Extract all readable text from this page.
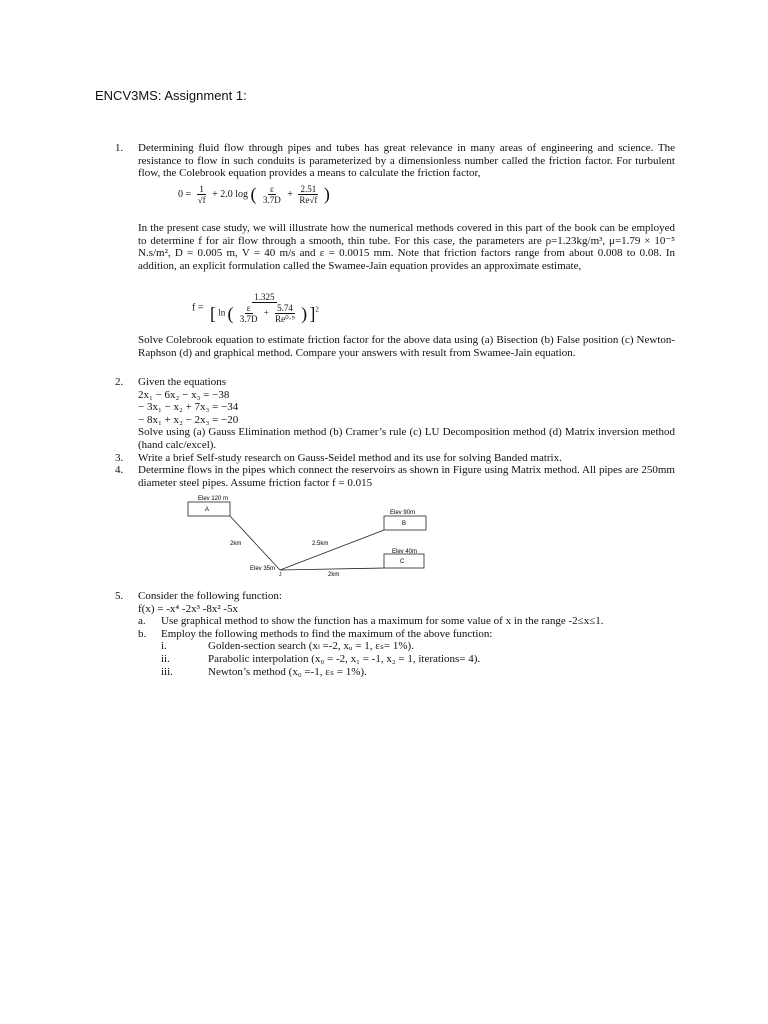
ENCV3MS: Assignment 1:
1. Determining fluid flow through pipes and tubes has great relevance in many areas of engineering and science. The resistance to flow in such conduits is parameterized by a dimensionless number called the friction factor. For turbulent flow, the Colebrook equation provides a means to calculate the friction factor,

$0 = \frac{1}{√f} + 2.0$ log ( $\frac{\varepsilon}{3.7D} + \frac{2.51}{Re√f}$ )

In the present case study, we will illustrate how the numerical methods covered in this part of the book can be employed to determine f for air flow through a smooth, thin tube. For this case, the parameters are ρ=1.23kg/m³, μ=1.79 × 10⁻⁵ N.s/m², D = 0.005 m, V = 40 m/s and ε = 0.0015 mm. Note that friction factors range from about 0.008 to 0.08. In addition, an explicit formulation called the Swamee-Jain equation provides an approximate estimate,

f =
1.325
[ ln ( $\frac{\varepsilon}{3.7D} + \frac{5.74}{\text{Re⁰·⁹}}$ ) ]$^2$

Solve Colebrook equation to estimate friction factor for the above data using (a) Bisection (b) False position (c) Newton-Raphson (d) and graphical method. Compare your answers with result from Swamee-Jain equation.

2. Given the equations

2x₁ − 6x₂ − x₃ = −38

− 3x₁ − x₂ + 7x₃ = −34

− 8x₁ + x₂ − 2x₃ = −20

Solve using (a) Gauss Elimination method (b) Cramer’s rule (c) LU Decomposition method (d) Matrix inversion method (hand calc/excel).

3. Write a brief Self-study research on Gauss-Seidel method and its use for solving Banded matrix.

4. Determine flows in the pipes which connect the reservoirs as shown in Figure using Matrix method. All pipes are 250mm diameter steel pipes. Assume friction factor f = 0.015

Elev 120 m
A	Elev 90m
B
Elev 40m
C
2km	2.5km
2km
Elev 35m
J
5. Consider the following function:

f(x) = -x⁴ -2x³ -8x² -5x

a. Use graphical method to show the function has a maximum for some value of x in the range -2≤x≤1.

b. Employ the following methods to find the maximum of the above function:

i.	Golden-section search (xₗ =-2, xᵤ = 1, εₛ= 1%).

ii.	Parabolic interpolation (x₀ = -2, x₁ = -1, x₂ = 1, iterations= 4).

iii.	Newton’s method (x₀ =-1, εₛ = 1%).
